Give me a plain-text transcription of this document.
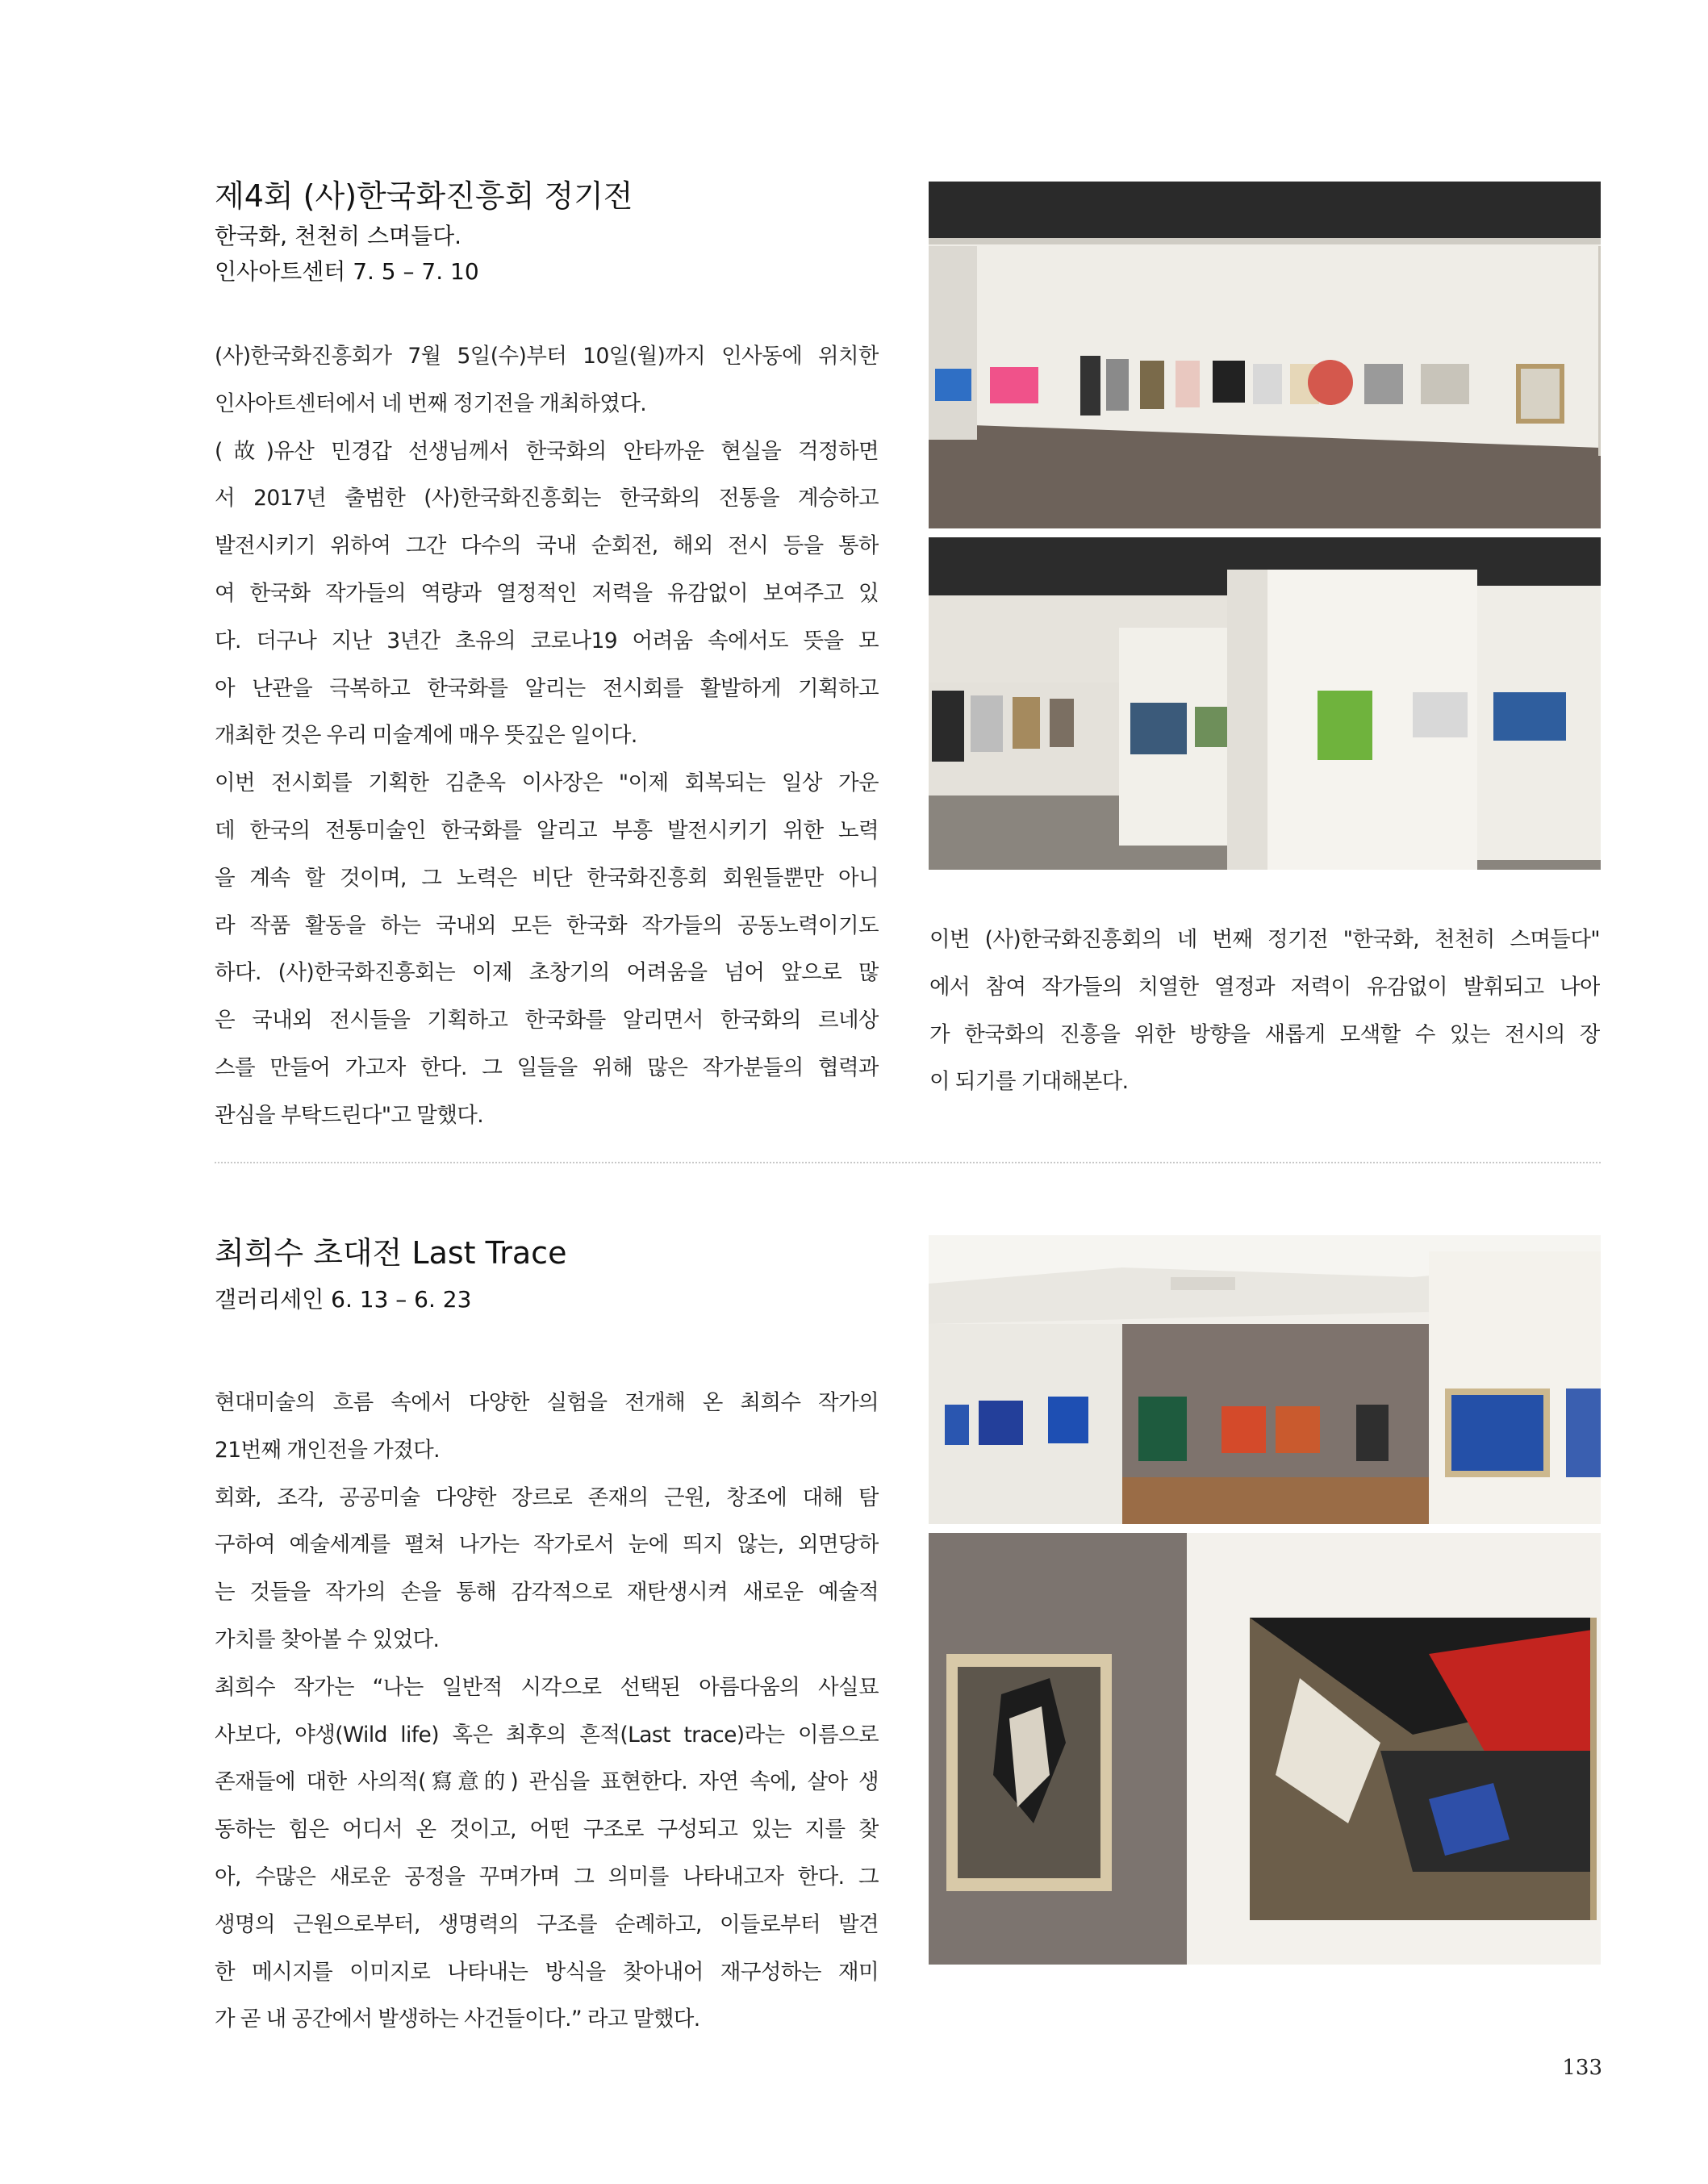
제4회 (사)한국화진흥회 정기전

한국화, 천천히 스며들다.

인사아트센터 7. 5 – 7. 10

(사)한국화진흥회가 7월 5일(수)부터 10일(월)까지 인사동에 위치한
인사아트센터에서 네 번째 정기전을 개최하였다.
(故)유산 민경갑 선생님께서 한국화의 안타까운 현실을 걱정하면
서 2017년 출범한 (사)한국화진흥회는 한국화의 전통을 계승하고
발전시키기 위하여 그간 다수의 국내 순회전, 해외 전시 등을 통하
여 한국화 작가들의 역량과 열정적인 저력을 유감없이 보여주고 있
다. 더구나 지난 3년간 초유의 코로나19 어려움 속에서도 뜻을 모
아 난관을 극복하고 한국화를 알리는 전시회를 활발하게 기획하고
개최한 것은 우리 미술계에 매우 뜻깊은 일이다.
이번 전시회를 기획한 김춘옥 이사장은 "이제 회복되는 일상 가운
데 한국의 전통미술인 한국화를 알리고 부흥 발전시키기 위한 노력
을 계속 할 것이며, 그 노력은 비단 한국화진흥회 회원들뿐만 아니
라 작품 활동을 하는 국내외 모든 한국화 작가들의 공동노력이기도
하다. (사)한국화진흥회는 이제 초창기의 어려움을 넘어 앞으로 많
은 국내외 전시들을 기획하고 한국화를 알리면서 한국화의 르네상
스를 만들어 가고자 한다. 그 일들을 위해 많은 작가분들의 협력과
관심을 부탁드린다"고 말했다.
이번 (사)한국화진흥회의 네 번째 정기전 "한국화, 천천히 스며들다"
에서 참여 작가들의 치열한 열정과 저력이 유감없이 발휘되고 나아
가 한국화의 진흥을 위한 방향을 새롭게 모색할 수 있는 전시의 장
이 되기를 기대해본다.
최희수 초대전 Last Trace

갤러리세인 6. 13 – 6. 23

현대미술의 흐름 속에서 다양한 실험을 전개해 온 최희수 작가의
21번째 개인전을 가졌다.
회화, 조각, 공공미술 다양한 장르로 존재의 근원, 창조에 대해 탐
구하여 예술세계를 펼쳐 나가는 작가로서 눈에 띄지 않는, 외면당하
는 것들을 작가의 손을 통해 감각적으로 재탄생시켜 새로운 예술적
가치를 찾아볼 수 있었다.
최희수 작가는 “나는 일반적 시각으로 선택된 아름다움의 사실묘
사보다, 야생(Wild life) 혹은 최후의 흔적(Last trace)라는 이름으로
존재들에 대한 사의적(寫意的) 관심을 표현한다. 자연 속에, 살아 생
동하는 힘은 어디서 온 것이고, 어떤 구조로 구성되고 있는 지를 찾
아, 수많은 새로운 공정을 꾸며가며 그 의미를 나타내고자 한다. 그
생명의 근원으로부터, 생명력의 구조를 순례하고, 이들로부터 발견
한 메시지를 이미지로 나타내는 방식을 찾아내어 재구성하는 재미
가 곧 내 공간에서 발생하는 사건들이다.” 라고 말했다.
133
